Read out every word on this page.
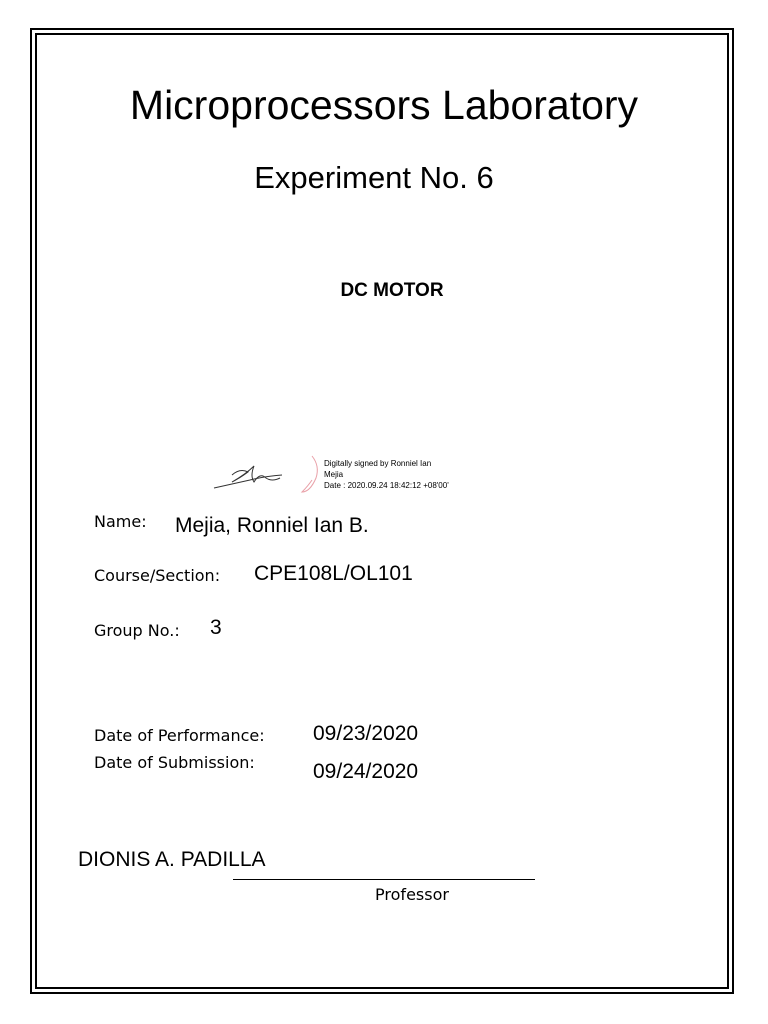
Microprocessors Laboratory
Experiment No. 6
DC MOTOR
Digitally signed by Ronniel Ian
Mejia
Date : 2020.09.24 18:42:12 +08'00'
Name: Mejia, Ronniel Ian B.
Course/Section: CPE108L/OL101
Group No.: 3
Date of Performance: 09/23/2020
Date of Submission:	09/24/2020
DIONIS A. PADILLA
Professor
